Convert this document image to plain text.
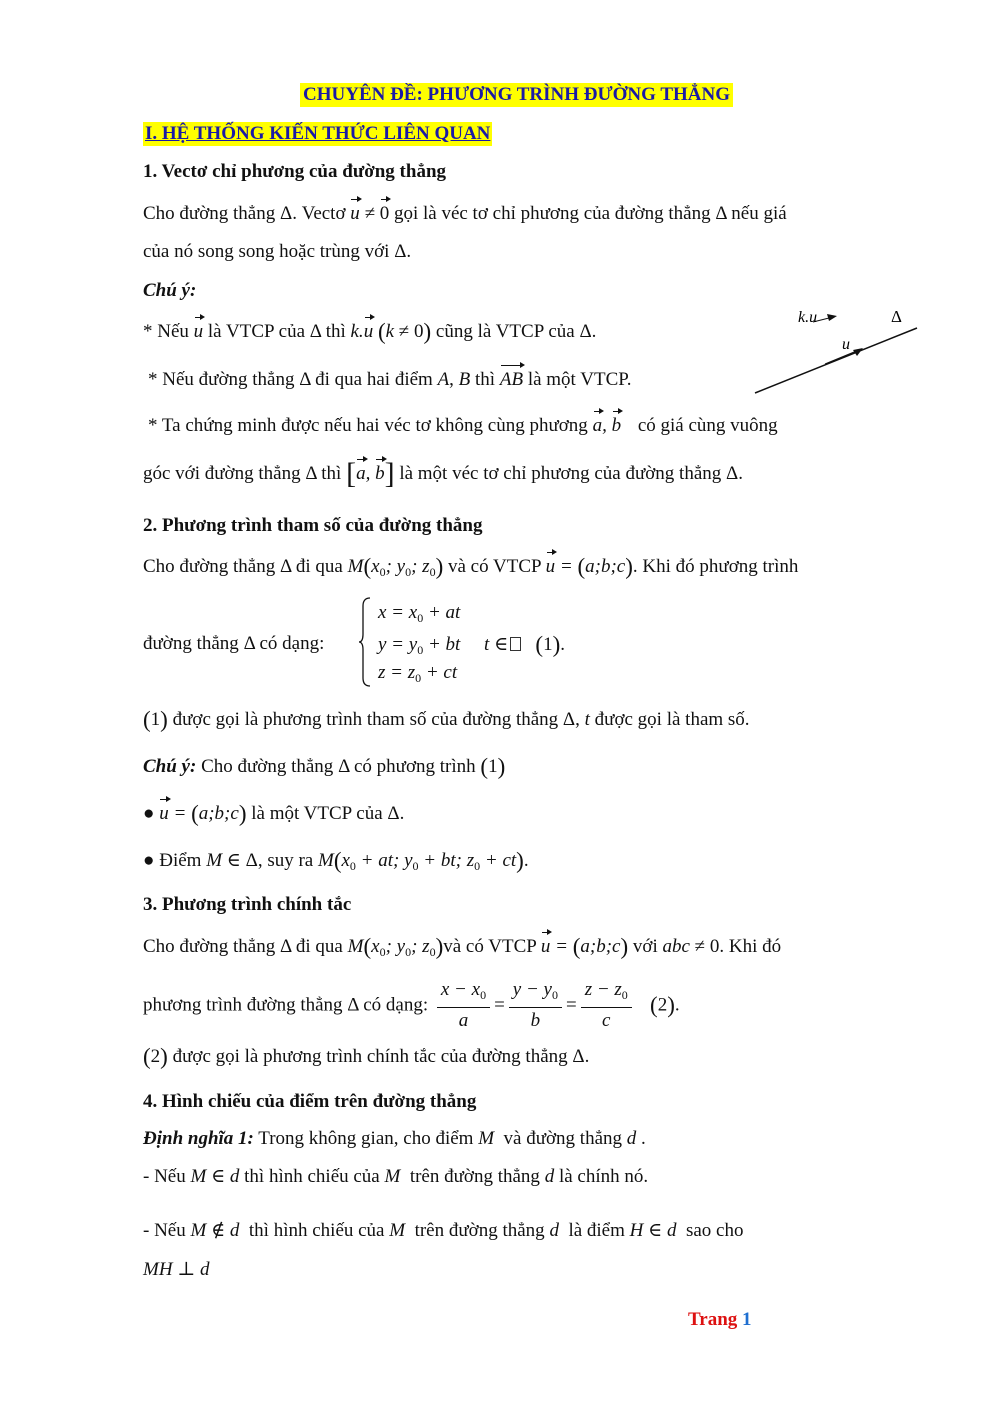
CHUYÊN ĐỀ: PHƯƠNG TRÌNH ĐƯỜNG THẲNG
I. HỆ THỐNG KIẾN THỨC LIÊN QUAN
1. Vectơ chỉ phương của đường thẳng
Cho đường thẳng Δ. Vectơ u ≠ 0 gọi là véc tơ chỉ phương của đường thẳng Δ nếu giá
của nó song song hoặc trùng với Δ.
Chú ý:
* Nếu u là VTCP của Δ thì k.u (k ≠ 0) cũng là VTCP của Δ.
* Nếu đường thẳng Δ đi qua hai điểm A, B thì AB là một VTCP.
* Ta chứng minh được nếu hai véc tơ không cùng phương a, b có giá cùng vuông
góc với đường thẳng Δ thì [a, b] là một véc tơ chỉ phương của đường thẳng Δ.
k.u
u
Δ
2. Phương trình tham số của đường thẳng
Cho đường thẳng Δ đi qua $M(x_0$; $y_0$; $z_0$) và có VTCP u = (a;b;c). Khi đó phương trình
đường thẳng Δ có dạng:
$x = x_0$ + at
$y = y_0$ + bt     t ∈ (1).
$z = z_0$ + ct
(1) được gọi là phương trình tham số của đường thẳng Δ, t được gọi là tham số.
Chú ý: Cho đường thẳng Δ có phương trình (1)
● u = (a;b;c) là một VTCP của Δ.
● Điểm M ∈ Δ, suy ra $M(x_0$ + at; $y_0$ + bt; $z_0 + ct$).
3. Phương trình chính tắc
Cho đường thẳng Δ đi qua $M(x_0$; $y_0$; $z_0)và$ có VTCP u = (a;b;c) với abc ≠ 0. Khi đó
phương trình đường thẳng Δ có dạng: $\frac{x - x_0}{a} = \frac{y - y_0}{b} = \frac{z - z_0}{c} (2)$.
(2) được gọi là phương trình chính tắc của đường thẳng Δ.
4. Hình chiếu của điểm trên đường thẳng
Định nghĩa 1: Trong không gian, cho điểm M và đường thẳng d .
- Nếu M ∈ d thì hình chiếu của M trên đường thẳng d là chính nó.
- Nếu M ∉ d thì hình chiếu của M trên đường thẳng d là điểm H ∈ d sao cho
MH ⊥ d
Trang 1
